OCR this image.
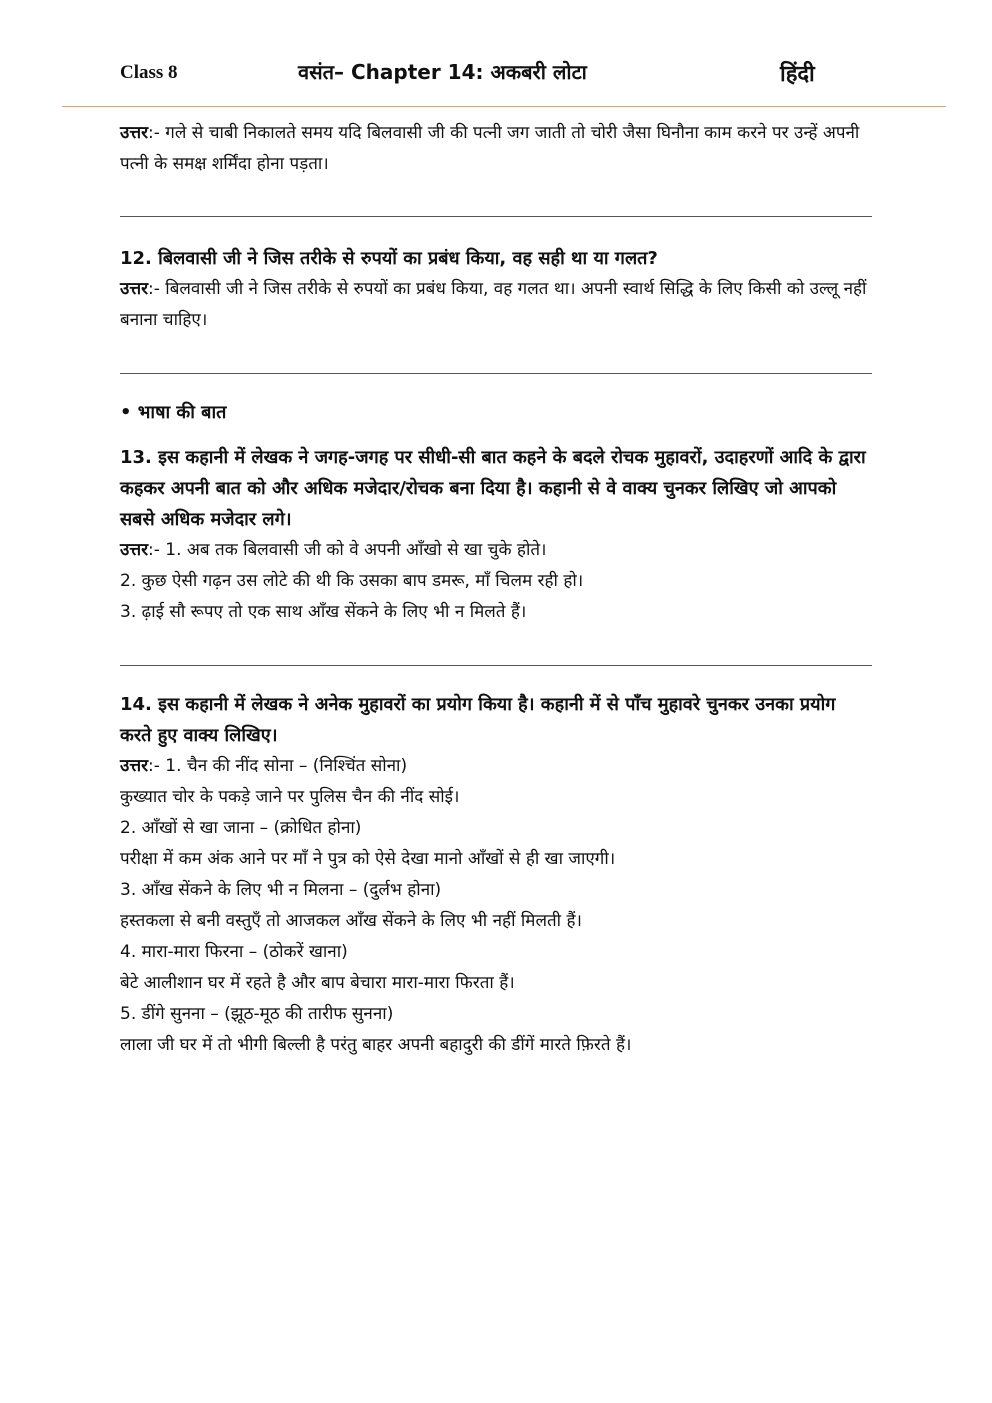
Class 8	वसंत– Chapter 14: अकबरी लोटा	हिंदी

उत्तर:- गले से चाबी निकालते समय यदि बिलवासी जी की पत्नी जग जाती तो चोरी जैसा घिनौना काम करने पर उन्हें अपनी पत्नी के समक्ष शर्मिंदा होना पड़ता।

12. बिलवासी जी ने जिस तरीके से रुपयों का प्रबंध किया, वह सही था या गलत?

उत्तर:- बिलवासी जी ने जिस तरीके से रुपयों का प्रबंध किया, वह गलत था। अपनी स्वार्थ सिद्धि के लिए किसी को उल्लू नहीं बनाना चाहिए।

• भाषा की बात

13. इस कहानी में लेखक ने जगह-जगह पर सीधी-सी बात कहने के बदले रोचक मुहावरों, उदाहरणों आदि के द्वारा कहकर अपनी बात को और अधिक मजेदार/रोचक बना दिया है। कहानी से वे वाक्य चुनकर लिखिए जो आपको सबसे अधिक मजेदार लगे।

उत्तर:- 1. अब तक बिलवासी जी को वे अपनी आँखो से खा चुके होते।

2. कुछ ऐसी गढ़न उस लोटे की थी कि उसका बाप डमरू, माँ चिलम रही हो।

3. ढ़ाई सौ रूपए तो एक साथ आँख सेंकने के लिए भी न मिलते हैं।

14. इस कहानी में लेखक ने अनेक मुहावरों का प्रयोग किया है। कहानी में से पाँच मुहावरे चुनकर उनका प्रयोग करते हुए वाक्य लिखिए।

उत्तर:- 1. चैन की नींद सोना – (निश्चिंत सोना)

कुख्यात चोर के पकड़े जाने पर पुलिस चैन की नींद सोई।

2. आँखों से खा जाना – (क्रोधित होना)

परीक्षा में कम अंक आने पर माँ ने पुत्र को ऐसे देखा मानो आँखों से ही खा जाएगी।

3. आँख सेंकने के लिए भी न मिलना – (दुर्लभ होना)

हस्तकला से बनी वस्तुएँ तो आजकल आँख सेंकने के लिए भी नहीं मिलती हैं।

4. मारा-मारा फिरना – (ठोकरें खाना)

बेटे आलीशान घर में रहते है और बाप बेचारा मारा-मारा फिरता हैं।

5. डींगे सुनना – (झूठ-मूठ की तारीफ सुनना)

लाला जी घर में तो भीगी बिल्ली है परंतु बाहर अपनी बहादुरी की डींगें मारते फ़िरते हैं।
